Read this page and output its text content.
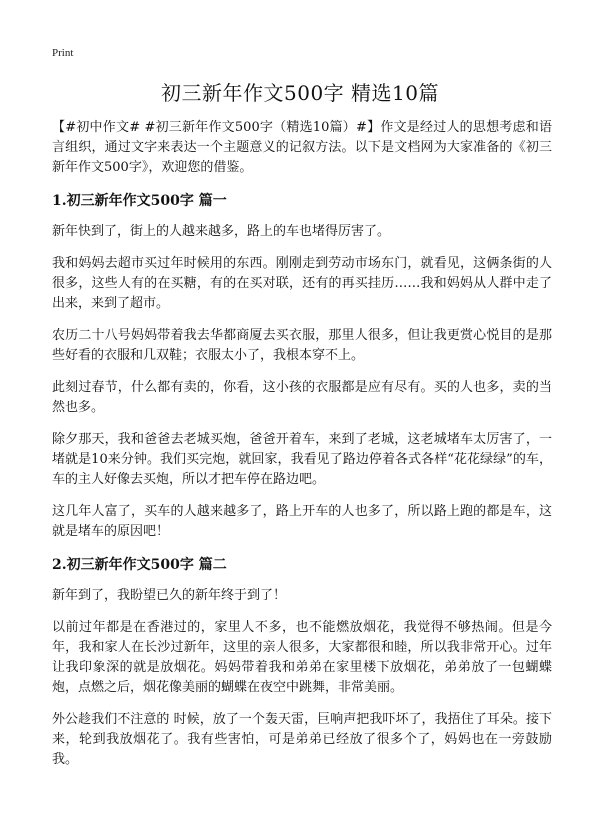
Print
初三新年作文500字 精选10篇

【#初中作文# #初三新年作文500字（精选10篇）#】作文是经过人的思想考虑和语言组织，通过文字来表达一个主题意义的记叙方法。以下是文档网为大家准备的《初三新年作文500字》，欢迎您的借鉴。

1.初三新年作文500字 篇一

新年快到了，街上的人越来越多，路上的车也堵得厉害了。

我和妈妈去超市买过年时候用的东西。刚刚走到劳动市场东门，就看见，这俩条街的人很多，这些人有的在买糖，有的在买对联，还有的再买挂历……我和妈妈从人群中走了出来，来到了超市。

农历二十八号妈妈带着我去华都商厦去买衣服，那里人很多，但让我更赏心悦目的是那些好看的衣服和几双鞋；衣服太小了，我根本穿不上。

此刻过春节，什么都有卖的，你看，这小孩的衣服都是应有尽有。买的人也多，卖的当然也多。

除夕那天，我和爸爸去老城买炮，爸爸开着车，来到了老城，这老城堵车太厉害了，一堵就是10来分钟。我们买完炮，就回家，我看见了路边停着各式各样“花花绿绿”的车，车的主人好像去买炮，所以才把车停在路边吧。

这几年人富了，买车的人越来越多了，路上开车的人也多了，所以路上跑的都是车，这就是堵车的原因吧！

2.初三新年作文500字 篇二

新年到了，我盼望已久的新年终于到了！

以前过年都是在香港过的，家里人不多，也不能燃放烟花，我觉得不够热闹。但是今年，我和家人在长沙过新年，这里的亲人很多，大家都很和睦，所以我非常开心。过年让我印象深的就是放烟花。妈妈带着我和弟弟在家里楼下放烟花，弟弟放了一包蝴蝶炮，点燃之后，烟花像美丽的蝴蝶在夜空中跳舞，非常美丽。

外公趁我们不注意的 时候，放了一个轰天雷，巨响声把我吓坏了，我捂住了耳朵。接下来，轮到我放烟花了。我有些害怕，可是弟弟已经放了很多个了，妈妈也在一旁鼓励我。
